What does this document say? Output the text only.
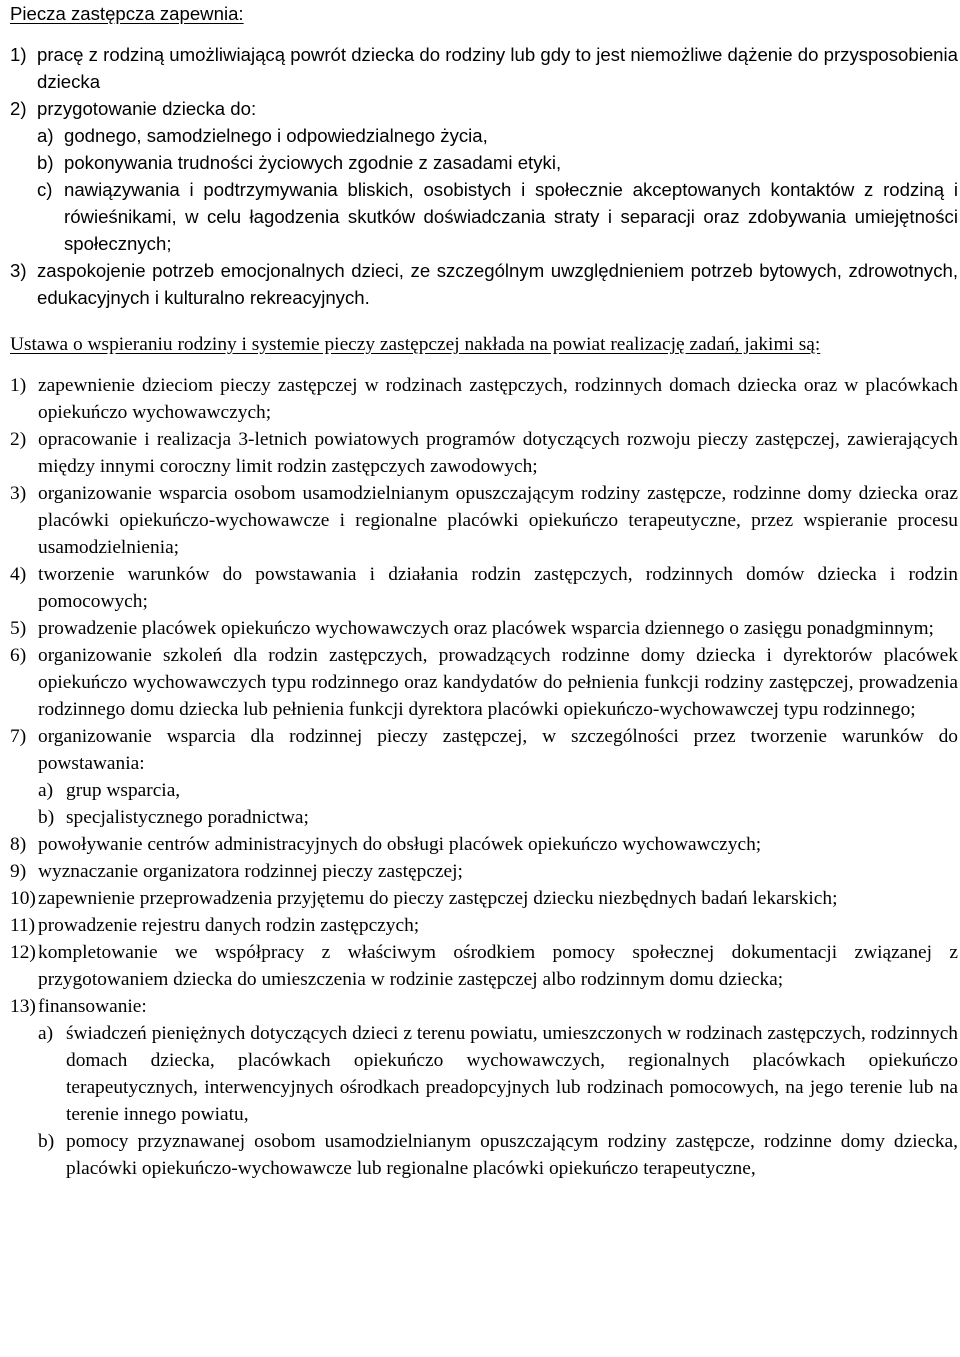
Piecza zastępcza zapewnia:
1) pracę z rodziną umożliwiającą powrót dziecka do rodziny lub gdy to jest niemożliwe dążenie do przysposobienia dziecka
2) przygotowanie dziecka do:
a) godnego, samodzielnego i odpowiedzialnego życia,
b) pokonywania trudności życiowych zgodnie z zasadami etyki,
c) nawiązywania i podtrzymywania bliskich, osobistych i społecznie akceptowanych kontaktów z rodziną i rówieśnikami, w celu łagodzenia skutków doświadczania straty i separacji oraz zdobywania umiejętności społecznych;
3) zaspokojenie potrzeb emocjonalnych dzieci, ze szczególnym uwzględnieniem potrzeb bytowych, zdrowotnych, edukacyjnych i kulturalno rekreacyjnych.
Ustawa o wspieraniu rodziny i systemie pieczy zastępczej nakłada na powiat realizację zadań, jakimi są:
1) zapewnienie dzieciom pieczy zastępczej w rodzinach zastępczych, rodzinnych domach dziecka oraz w placówkach opiekuńczo wychowawczych;
2) opracowanie i realizacja 3-letnich powiatowych programów dotyczących rozwoju pieczy zastępczej, zawierających między innymi coroczny limit rodzin zastępczych zawodowych;
3) organizowanie wsparcia osobom usamodzielnianym opuszczającym rodziny zastępcze, rodzinne domy dziecka oraz placówki opiekuńczo-wychowawcze i regionalne placówki opiekuńczo terapeutyczne, przez wspieranie procesu usamodzielnienia;
4) tworzenie warunków do powstawania i działania rodzin zastępczych, rodzinnych domów dziecka i rodzin pomocowych;
5) prowadzenie placówek opiekuńczo wychowawczych oraz placówek wsparcia dziennego o zasięgu ponadgminnym;
6) organizowanie szkoleń dla rodzin zastępczych, prowadzących rodzinne domy dziecka i dyrektorów placówek opiekuńczo wychowawczych typu rodzinnego oraz kandydatów do pełnienia funkcji rodziny zastępczej, prowadzenia rodzinnego domu dziecka lub pełnienia funkcji dyrektora placówki opiekuńczo-wychowawczej typu rodzinnego;
7) organizowanie wsparcia dla rodzinnej pieczy zastępczej, w szczególności przez tworzenie warunków do powstawania:
a) grup wsparcia,
b) specjalistycznego poradnictwa;
8) powoływanie centrów administracyjnych do obsługi placówek opiekuńczo wychowawczych;
9) wyznaczanie organizatora rodzinnej pieczy zastępczej;
10) zapewnienie przeprowadzenia przyjętemu do pieczy zastępczej dziecku niezbędnych badań lekarskich;
11) prowadzenie rejestru danych rodzin zastępczych;
12) kompletowanie we współpracy z właściwym ośrodkiem pomocy społecznej dokumentacji związanej z przygotowaniem dziecka do umieszczenia w rodzinie zastępczej albo rodzinnym domu dziecka;
13) finansowanie:
a) świadczeń pieniężnych dotyczących dzieci z terenu powiatu, umieszczonych w rodzinach zastępczych, rodzinnych domach dziecka, placówkach opiekuńczo wychowawczych, regionalnych placówkach opiekuńczo terapeutycznych, interwencyjnych ośrodkach preadopcyjnych lub rodzinach pomocowych, na jego terenie lub na terenie innego powiatu,
b) pomocy przyznawanej osobom usamodzielnianym opuszczającym rodziny zastępcze, rodzinne domy dziecka, placówki opiekuńczo-wychowawcze lub regionalne placówki opiekuńczo terapeutyczne,
